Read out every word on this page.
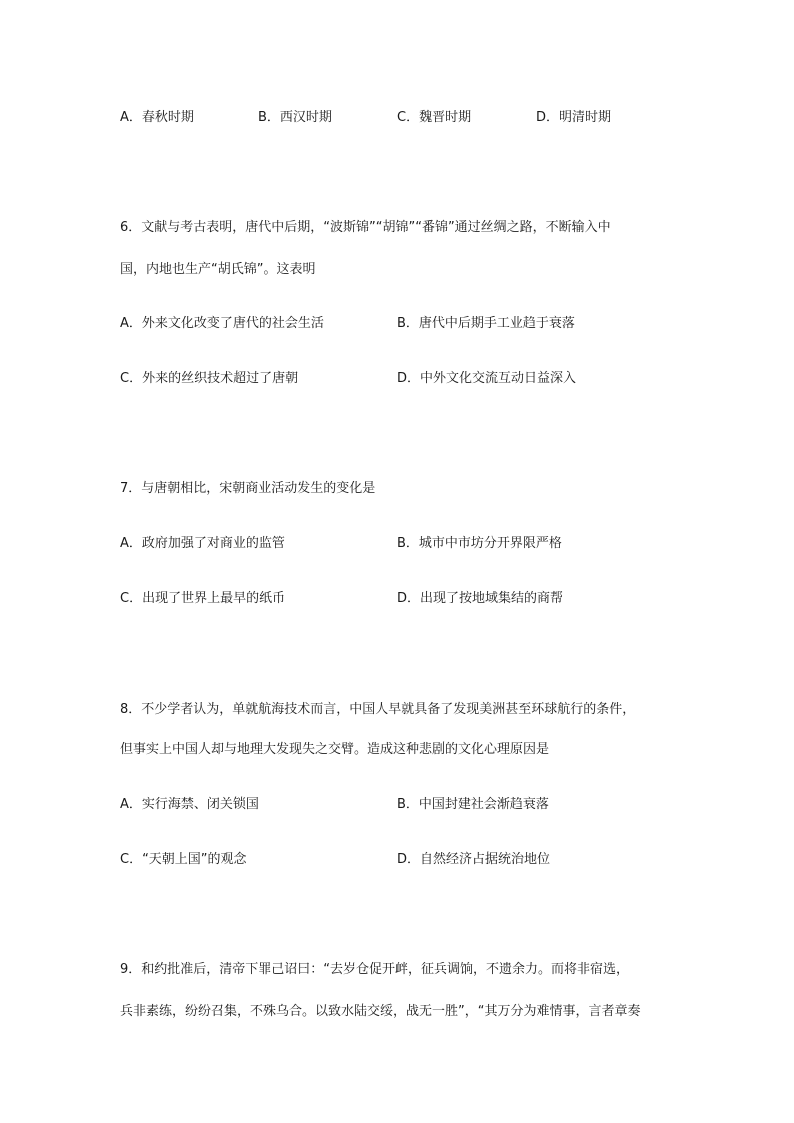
A．春秋时期	B．西汉时期	C．魏晋时期	D．明清时期
6．文献与考古表明，唐代中后期，“波斯锦”“胡锦”“番锦”通过丝绸之路，不断输入中
国，内地也生产“胡氏锦”。这表明
A．外来文化改变了唐代的社会生活	B．唐代中后期手工业趋于衰落
C．外来的丝织技术超过了唐朝	D．中外文化交流互动日益深入
7．与唐朝相比，宋朝商业活动发生的变化是
A．政府加强了对商业的监管	B．城市中市坊分开界限严格
C．出现了世界上最早的纸币	D．出现了按地域集结的商帮
8．不少学者认为，单就航海技术而言，中国人早就具备了发现美洲甚至环球航行的条件，
但事实上中国人却与地理大发现失之交臂。造成这种悲剧的文化心理原因是
A．实行海禁、闭关锁国	B．中国封建社会渐趋衰落
C．“天朝上国”的观念	D．自然经济占据统治地位
9．和约批准后，清帝下罪己诏曰：“去岁仓促开衅，征兵调饷，不遗余力。而将非宿选，
兵非素练，纷纷召集，不殊乌合。以致水陆交绥，战无一胜”，“其万分为难情事，言者章奏
